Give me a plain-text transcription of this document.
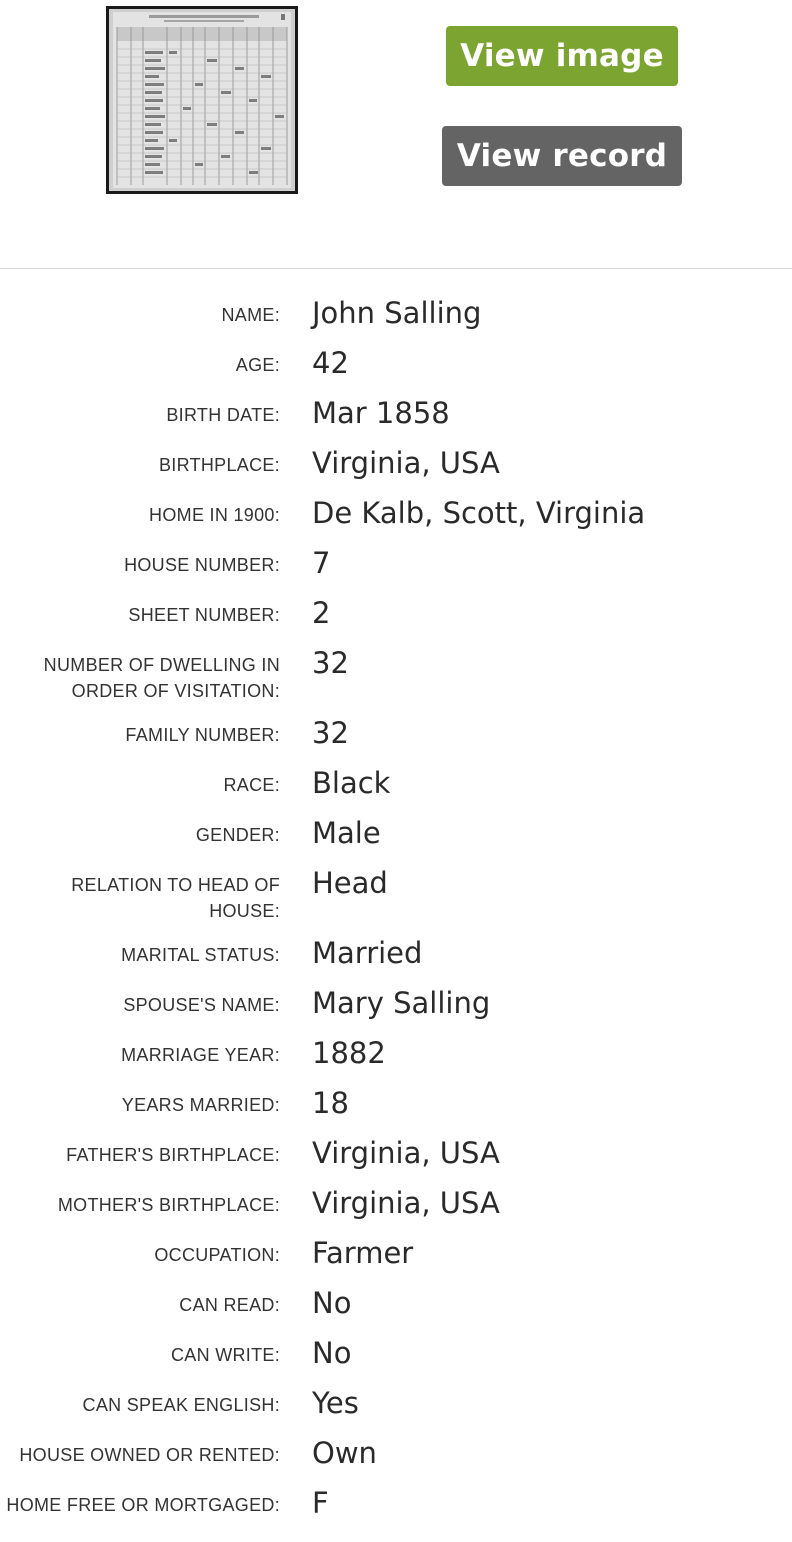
View image
View record
NAME: John Salling
AGE: 42
BIRTH DATE: Mar 1858
BIRTHPLACE: Virginia, USA
HOME IN 1900: De Kalb, Scott, Virginia
HOUSE NUMBER: 7
SHEET NUMBER: 2
NUMBER OF DWELLING IN ORDER OF VISITATION:
32
FAMILY NUMBER: 32
RACE: Black
GENDER: Male
RELATION TO HEAD OF HOUSE:
Head
MARITAL STATUS: Married
SPOUSE'S NAME: Mary Salling
MARRIAGE YEAR: 1882
YEARS MARRIED: 18
FATHER'S BIRTHPLACE: Virginia, USA
MOTHER'S BIRTHPLACE: Virginia, USA
OCCUPATION: Farmer
CAN READ: No
CAN WRITE: No
CAN SPEAK ENGLISH: Yes
HOUSE OWNED OR RENTED: Own
HOME FREE OR MORTGAGED: F
